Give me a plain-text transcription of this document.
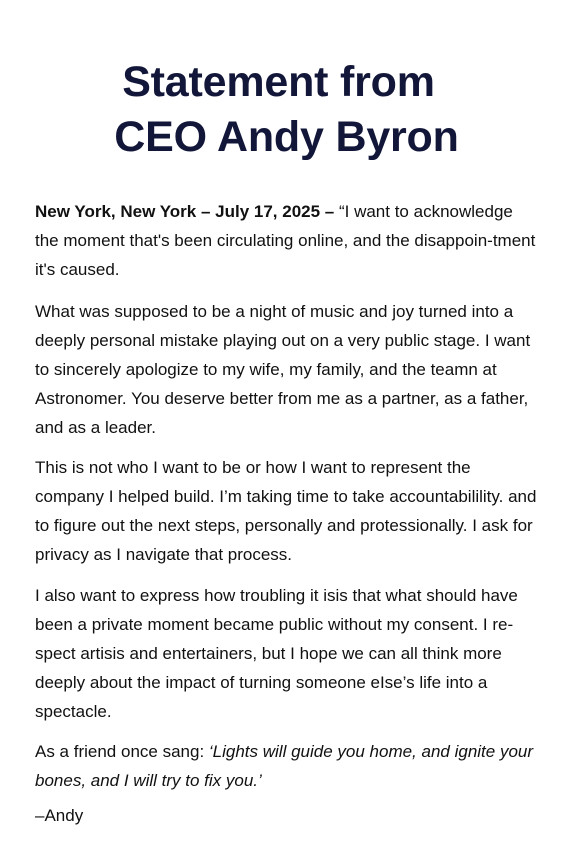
Statement from
CEO Andy Byron

New York, New York – July 17, 2025 – “I want to acknowledge the moment that's been circulating online, and the disappoin-tment it's caused.

What was supposed to be a night of music and joy turned into a deeply personal mistake playing out on a very public stage. I want to sincerely apologize to my wife, my family, and the teamn at Astronomer. You deserve better from me as a partner, as a father, and as a leader.

This is not who I want to be or how I want to represent the company I helped build. I’m taking time to take accountabilility. and to figure out the next steps, personally and protessionally. I ask for privacy as I navigate that process.

I also want to express how troubling it isis that what should have been a private moment became public without my consent. I re-spect artisis and entertainers, but I hope we can all think more deeply about the impact of turning someone eIse’s life into a spectacle.

As a friend once sang: ‘Lights will guide you home, and ignite your bones, and I will try to fix you.’

–Andy
